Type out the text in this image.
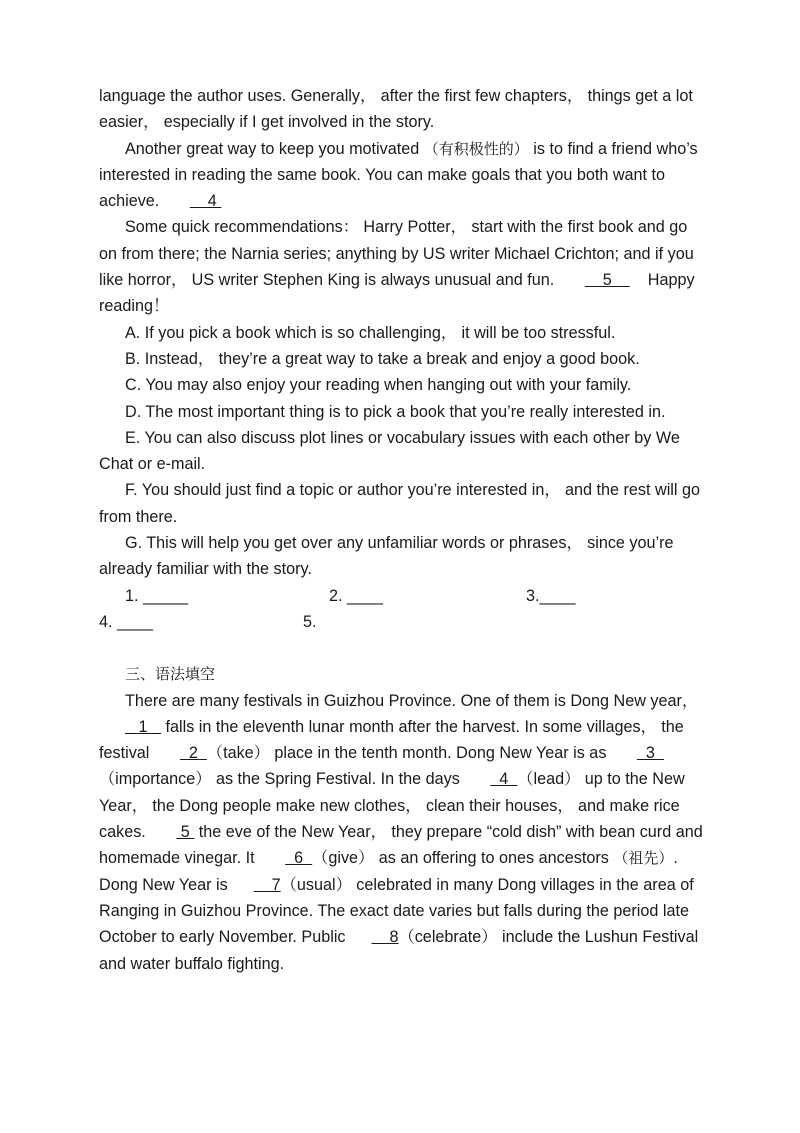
language the author uses. Generally， after the first few chapters， things get a lot easier， especially if I get involved in the story.

Another great way to keep you motivated （有积极性的） is to find a friend who’s interested in reading the same book. You can make goals that you both want to achieve.     4

Some quick recommendations： Harry Potter， start with the first book and go on from there; the Narnia series; anything by US writer Michael Crichton; and if you like horror， US writer Stephen King is always unusual and fun.     5        Happy reading！

A. If you pick a book which is so challenging， it will be too stressful.

B. Instead， they’re a great way to take a break and enjoy a good book.

C. You may also enjoy your reading when hanging out with your family.

D. The most important thing is to pick a book that you’re really interested in.

E. You can also discuss plot lines or vocabulary issues with each other by We Chat or e-mail.

F. You should just find a topic or author you’re interested in， and the rest will go from there.

G. This will help you get over any unfamiliar words or phrases， since you’re already familiar with the story.

1. _____	2. ____	3.____
4. ____	5.

三、语法填空

There are many festivals in Guizhou Province. One of them is Dong New year，    1    falls in the eleventh lunar month after the harvest. In some villages， the festival   2  （take） place in the tenth month. Dong New Year is as   3   （importance） as the Spring Festival. In the days   4  （lead） up to the New Year， the Dong people make new clothes， clean their houses， and make rice cakes.  5  the eve of the New Year， they prepare “cold dish” with bean curd and homemade vinegar. It   6  （give） as an offering to ones ancestors （祖先）. Dong New Year is    7（usual） celebrated in many Dong villages in the area of Ranging in Guizhou Province. The exact date varies but falls during the period late October to early November. Public    8（celebrate） include the Lushun Festival and water buffalo fighting.
